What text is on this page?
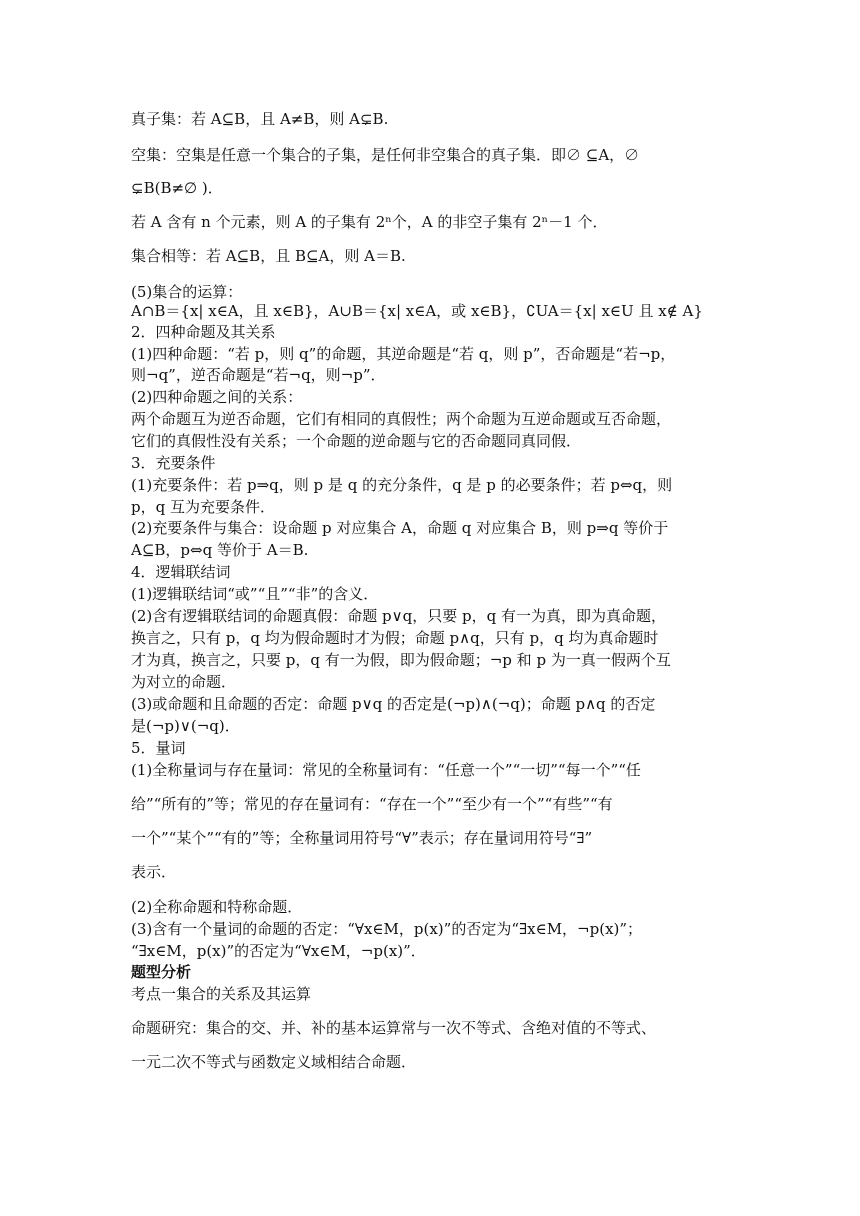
真子集：若 A⊆B，且 A≠B，则 A⊊B.
空集：空集是任意一个集合的子集，是任何非空集合的真子集．即∅ ⊆A，∅
⊊B(B≠∅ )．
若 A 含有 n 个元素，则 A 的子集有 2ⁿ个，A 的非空子集有 2ⁿ－1 个．
集合相等：若 A⊆B，且 B⊆A，则 A＝B.
(5)集合的运算：
A∩B＝{x| x∈A，且 x∈B}，A∪B＝{x| x∈A，或 x∈B}，∁UA＝{x| x∈U 且 x∉ A}
2．四种命题及其关系
(1)四种命题：“若 p，则 q”的命题，其逆命题是“若 q，则 p”，否命题是“若¬p，
则¬q”，逆否命题是“若¬q，则¬p”．
(2)四种命题之间的关系：
两个命题互为逆否命题，它们有相同的真假性；两个命题为互逆命题或互否命题，
它们的真假性没有关系；一个命题的逆命题与它的否命题同真同假．
3．充要条件
(1)充要条件：若 p⇒q，则 p 是 q 的充分条件，q 是 p 的必要条件；若 p⇔q，则
p，q 互为充要条件．
(2)充要条件与集合：设命题 p 对应集合 A，命题 q 对应集合 B，则 p⇒q 等价于
A⊆B，p⇔q 等价于 A＝B.
4．逻辑联结词
(1)逻辑联结词“或”“且”“非”的含义．
(2)含有逻辑联结词的命题真假：命题 p∨q，只要 p，q 有一为真，即为真命题，
换言之，只有 p，q 均为假命题时才为假；命题 p∧q，只有 p，q 均为真命题时
才为真，换言之，只要 p，q 有一为假，即为假命题；¬p 和 p 为一真一假两个互
为对立的命题．
(3)或命题和且命题的否定：命题 p∨q 的否定是(¬p)∧(¬q)；命题 p∧q 的否定
是(¬p)∨(¬q)．
5．量词
(1)全称量词与存在量词：常见的全称量词有：“任意一个”“一切”“每一个”“任
给”“所有的”等；常见的存在量词有：“存在一个”“至少有一个”“有些”“有
一个”“某个”“有的”等；全称量词用符号“∀”表示；存在量词用符号“∃”
表示．
(2)全称命题和特称命题．
(3)含有一个量词的命题的否定：“∀x∈M，p(x)”的否定为“∃x∈M，¬p(x)”；
“∃x∈M，p(x)”的否定为“∀x∈M，¬p(x)”．
题型分析
考点一集合的关系及其运算
命题研究：集合的交、并、补的基本运算常与一次不等式、含绝对值的不等式、
一元二次不等式与函数定义域相结合命题．
